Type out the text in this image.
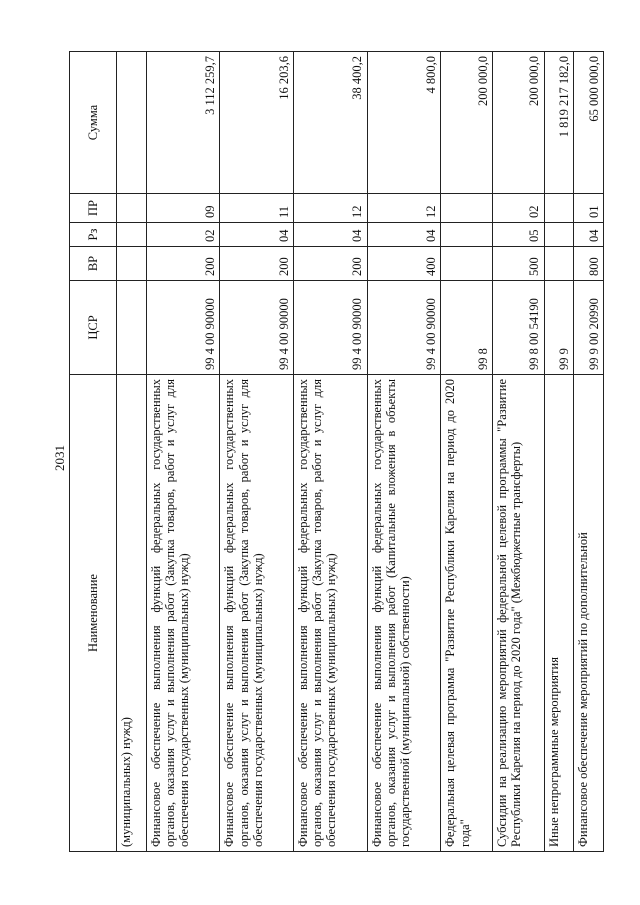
2031
Наименование	ЦСР	ВР	Рз	ПР	Сумма
(муниципальных) нужд)					
Финансовое обеспечение выполнения функций федеральных государственных органов, оказания услуг и выполнения работ (Закупка товаров, работ и услуг для обеспечения государственных (муниципальных) нужд)	99 4 00 90000	200	02	09	3 112 259,7
Финансовое обеспечение выполнения функций федеральных государственных органов, оказания услуг и выполнения работ (Закупка товаров, работ и услуг для обеспечения государственных (муниципальных) нужд)	99 4 00 90000	200	04	11	16 203,6
Финансовое обеспечение выполнения функций федеральных государственных органов, оказания услуг и выполнения работ (Закупка товаров, работ и услуг для обеспечения государственных (муниципальных) нужд)	99 4 00 90000	200	04	12	38 400,2
Финансовое обеспечение выполнения функций федеральных государственных органов, оказания услуг и выполнения работ (Капитальные вложения в объекты государственной (муниципальной) собственности)	99 4 00 90000	400	04	12	4 800,0
Федеральная целевая программа "Развитие Республики Карелия на период до 2020 года"	99 8				200 000,0
Субсидии на реализацию мероприятий федеральной целевой программы "Развитие Республики Карелия на период до 2020 года" (Межбюджетные трансферты)	99 8 00 54190	500	05	02	200 000,0
Иные непрограммные мероприятия	99 9				1 819 217 182,0
Финансовое обеспечение мероприятий по дополнительной	99 9 00 20990	800	04	01	65 000 000,0
